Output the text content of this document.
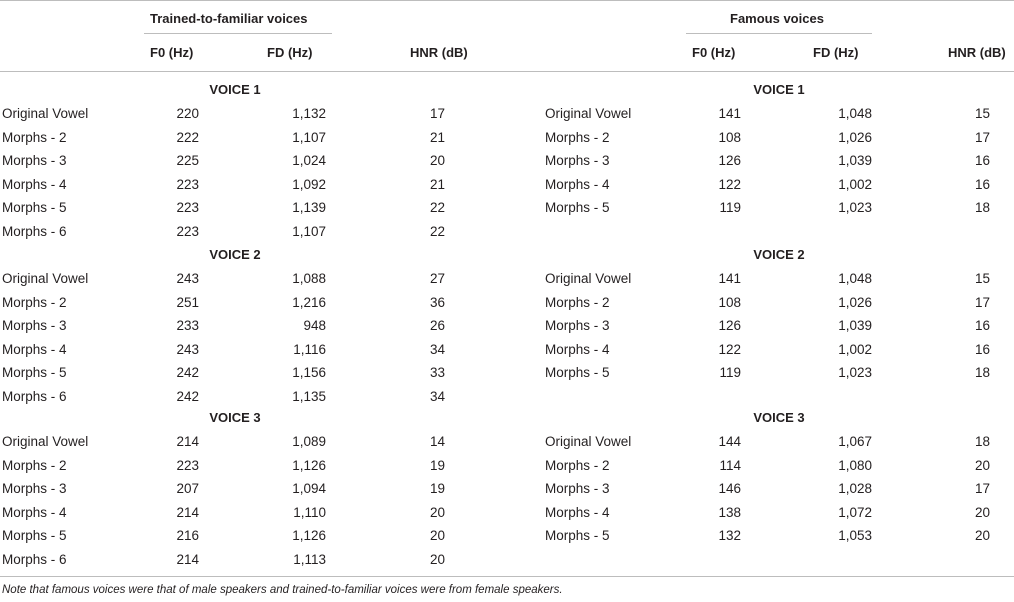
Trained-to-familiar voices	Famous voices
F0 (Hz)	FD (Hz)	HNR (dB)	F0 (Hz)	FD (Hz)	HNR (dB)
VOICE 1
Original Vowel	220	1,132	17
Morphs - 2	222	1,107	21
Morphs - 3	225	1,024	20
Morphs - 4	223	1,092	21
Morphs - 5	223	1,139	22
Morphs - 6	223	1,107	22
VOICE 2
Original Vowel	243	1,088	27
Morphs - 2	251	1,216	36
Morphs - 3	233	948	26
Morphs - 4	243	1,116	34
Morphs - 5	242	1,156	33
Morphs - 6	242	1,135	34
VOICE 3
Original Vowel	214	1,089	14
Morphs - 2	223	1,126	19
Morphs - 3	207	1,094	19
Morphs - 4	214	1,110	20
Morphs - 5	216	1,126	20
Morphs - 6	214	1,113	20
VOICE 1
Original Vowel	141	1,048	15
Morphs - 2	108	1,026	17
Morphs - 3	126	1,039	16
Morphs - 4	122	1,002	16
Morphs - 5	119	1,023	18
VOICE 2
Original Vowel	141	1,048	15
Morphs - 2	108	1,026	17
Morphs - 3	126	1,039	16
Morphs - 4	122	1,002	16
Morphs - 5	119	1,023	18
VOICE 3
Original Vowel	144	1,067	18
Morphs - 2	114	1,080	20
Morphs - 3	146	1,028	17
Morphs - 4	138	1,072	20
Morphs - 5	132	1,053	20
Note that famous voices were that of male speakers and trained-to-familiar voices were from female speakers.
